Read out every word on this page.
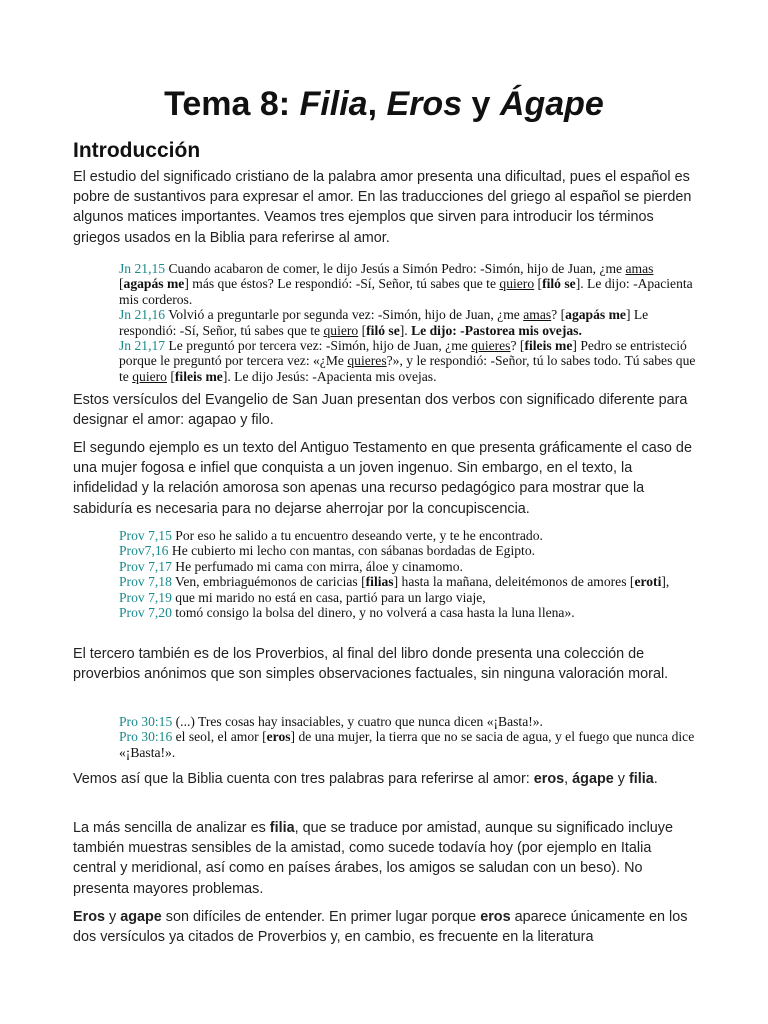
Tema 8: Filia, Eros y Ágape
Introducción

El estudio del significado cristiano de la palabra amor presenta una dificultad, pues el español es pobre de sustantivos para expresar el amor. En las traducciones del griego al español se pierden algunos matices importantes. Veamos tres ejemplos que sirven para introducir los términos griegos usados en la Biblia para referirse al amor.

Jn 21,15 Cuando acabaron de comer, le dijo Jesús a Simón Pedro: -Simón, hijo de Juan, ¿me amas [agapás me] más que éstos? Le respondió: -Sí, Señor, tú sabes que te quiero [filó se]. Le dijo: -Apacienta mis corderos.

Jn 21,16 Volvió a preguntarle por segunda vez: -Simón, hijo de Juan, ¿me amas? [agapás me] Le respondió: -Sí, Señor, tú sabes que te quiero [filó se]. Le dijo: -Pastorea mis ovejas.

Jn 21,17 Le preguntó por tercera vez: -Simón, hijo de Juan, ¿me quieres? [fileis me] Pedro se entristeció porque le preguntó por tercera vez: «¿Me quieres?», y le respondió: -Señor, tú lo sabes todo. Tú sabes que te quiero [fileis me]. Le dijo Jesús: -Apacienta mis ovejas.

Estos versículos del Evangelio de San Juan presentan dos verbos con significado diferente para designar el amor: agapao y filo.

El segundo ejemplo es un texto del Antiguo Testamento en que presenta gráficamente el caso de una mujer fogosa e infiel que conquista a un joven ingenuo. Sin embargo, en el texto, la infidelidad y la relación amorosa son apenas una recurso pedagógico para mostrar que la sabiduría es necesaria para no dejarse aherrojar por la concupiscencia.

Prov 7,15 Por eso he salido a tu encuentro deseando verte, y te he encontrado.

Prov7,16 He cubierto mi lecho con mantas, con sábanas bordadas de Egipto.

Prov 7,17 He perfumado mi cama con mirra, áloe y cinamomo.

Prov 7,18 Ven, embriaguémonos de caricias [filias] hasta la mañana, deleitémonos de amores [eroti],

Prov 7,19 que mi marido no está en casa, partió para un largo viaje,

Prov 7,20 tomó consigo la bolsa del dinero, y no volverá a casa hasta la luna llena».

El tercero también es de los Proverbios, al final del libro donde presenta una colección de proverbios anónimos que son simples observaciones factuales, sin ninguna valoración moral.

Pro 30:15 (...) Tres cosas hay insaciables, y cuatro que nunca dicen «¡Basta!».

Pro 30:16 el seol, el amor [eros] de una mujer, la tierra que no se sacia de agua, y el fuego que nunca dice «¡Basta!».

Vemos así que la Biblia cuenta con tres palabras para referirse al amor: eros, ágape y filia.

La más sencilla de analizar es filia, que se traduce por amistad, aunque su significado incluye también muestras sensibles de la amistad, como sucede todavía hoy (por ejemplo en Italia central y meridional, así como en países árabes, los amigos se saludan con un beso). No presenta mayores problemas.

Eros y agape son difíciles de entender. En primer lugar porque eros aparece únicamente en los dos versículos ya citados de Proverbios y, en cambio, es frecuente en la literatura
